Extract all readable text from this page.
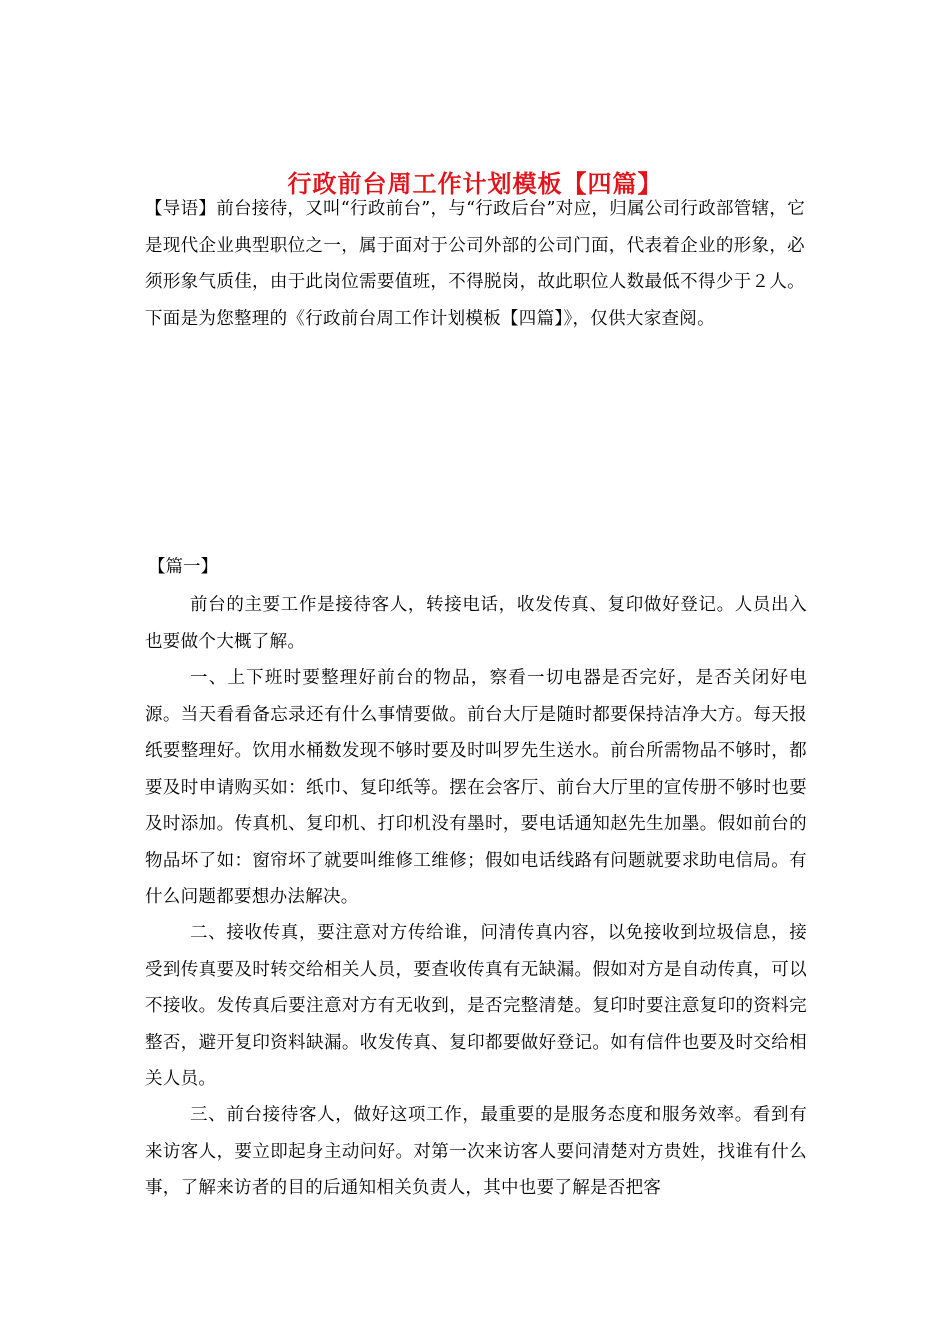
行政前台周工作计划模板【四篇】

【导语】前台接待，又叫“行政前台”，与“行政后台”对应，归属公司行政部管辖，它是现代企业典型职位之一，属于面对于公司外部的公司门面，代表着企业的形象，必须形象气质佳，由于此岗位需要值班，不得脱岗，故此职位人数最低不得少于２人。下面是为您整理的《行政前台周工作计划模板【四篇】》，仅供大家查阅。

【篇一】

前台的主要工作是接待客人，转接电话，收发传真、复印做好登记。人员出入也要做个大概了解。

一、上下班时要整理好前台的物品，察看一切电器是否完好，是否关闭好电源。当天看看备忘录还有什么事情要做。前台大厅是随时都要保持洁净大方。每天报纸要整理好。饮用水桶数发现不够时要及时叫罗先生送水。前台所需物品不够时，都要及时申请购买如：纸巾、复印纸等。摆在会客厅、前台大厅里的宣传册不够时也要及时添加。传真机、复印机、打印机没有墨时，要电话通知赵先生加墨。假如前台的物品坏了如：窗帘坏了就要叫维修工维修；假如电话线路有问题就要求助电信局。有什么问题都要想办法解决。

二、接收传真，要注意对方传给谁，问清传真内容，以免接收到垃圾信息，接受到传真要及时转交给相关人员，要查收传真有无缺漏。假如对方是自动传真，可以不接收。发传真后要注意对方有无收到，是否完整清楚。复印时要注意复印的资料完整否，避开复印资料缺漏。收发传真、复印都要做好登记。如有信件也要及时交给相关人员。

三、前台接待客人，做好这项工作，最重要的是服务态度和服务效率。看到有来访客人，要立即起身主动问好。对第一次来访客人要问清楚对方贵姓，找谁有什么事，了解来访者的目的后通知相关负责人，其中也要了解是否把客
